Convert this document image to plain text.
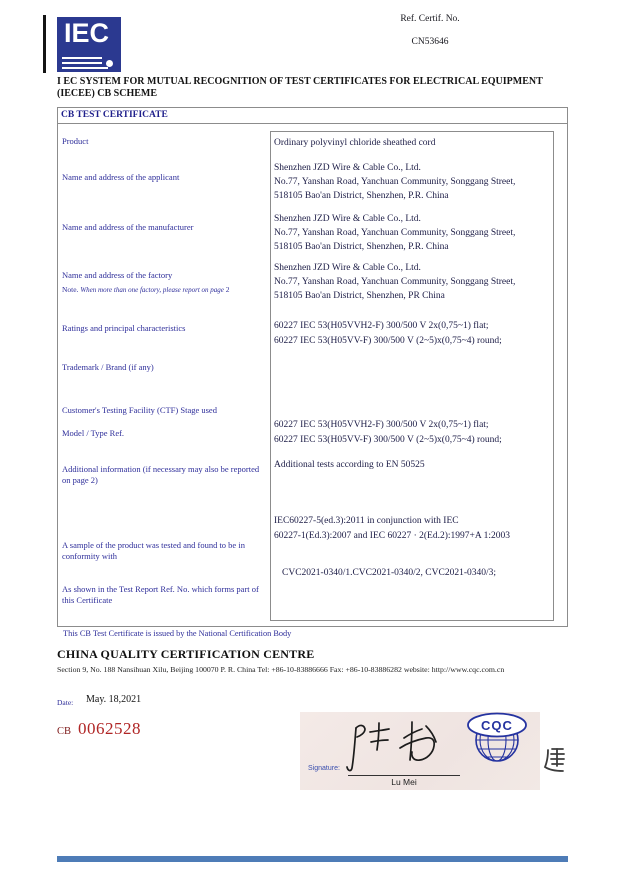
IEC	Ref. Certif. No.
CN53646
I EC SYSTEM FOR MUTUAL RECOGNITION OF TEST CERTIFICATES FOR ELECTRICAL EQUIPMENT
(IECEE) CB SCHEME
CB TEST CERTIFICATE
Product
Name and address of the applicant
Name and address of the manufacturer
Name and address of the factory
Note. When more than one factory, please report on page 2
Ratings and principal characteristics
Trademark / Brand (if any)
Customer's Testing Facility (CTF) Stage used
Model / Type Ref.
Additional information (if necessary may also be reported on page 2)
A sample of the product was tested and found to be in conformity with
As shown in the Test Report Ref. No. which forms part of this Certificate
Ordinary polyvinyl chloride sheathed cord
Shenzhen JZD Wire & Cable Co., Ltd.
No.77, Yanshan Road, Yanchuan Community, Songgang Street,
518105 Bao'an District, Shenzhen, P.R. China
Shenzhen JZD Wire & Cable Co., Ltd.
No.77, Yanshan Road, Yanchuan Community, Songgang Street,
518105 Bao'an District, Shenzhen, P.R. China
Shenzhen JZD Wire & Cable Co., Ltd.
No.77, Yanshan Road, Yanchuan Community, Songgang Street,
518105 Bao'an District, Shenzhen, PR China
60227 IEC 53(H05VVH2-F) 300/500 V 2x(0,75~1) flat;
60227 IEC 53(H05VV-F) 300/500 V (2~5)x(0,75~4) round;
60227 IEC 53(H05VVH2-F) 300/500 V 2x(0,75~1) flat;
60227 IEC 53(H05VV-F) 300/500 V (2~5)x(0,75~4) round;
Additional tests according to EN 50525
IEC60227-5(ed.3):2011 in conjunction with IEC
60227-1(Ed.3):2007 and IEC 60227 · 2(Ed.2):1997+A 1:2003
CVC2021-0340/1.CVC2021-0340/2, CVC2021-0340/3;
This CB Test Certificate is issued by the National Certification Body
CHINA QUALITY CERTIFICATION CENTRE
Section 9, No. 188 Nansihuan Xilu, Beijing 100070 P. R. China Tel: +86-10-83886666 Fax: +86-10-83886282 website: http://www.cqc.com.cn
Date: May. 18,2021
CB 0062528
Signature:
Lu Mei
CQC
